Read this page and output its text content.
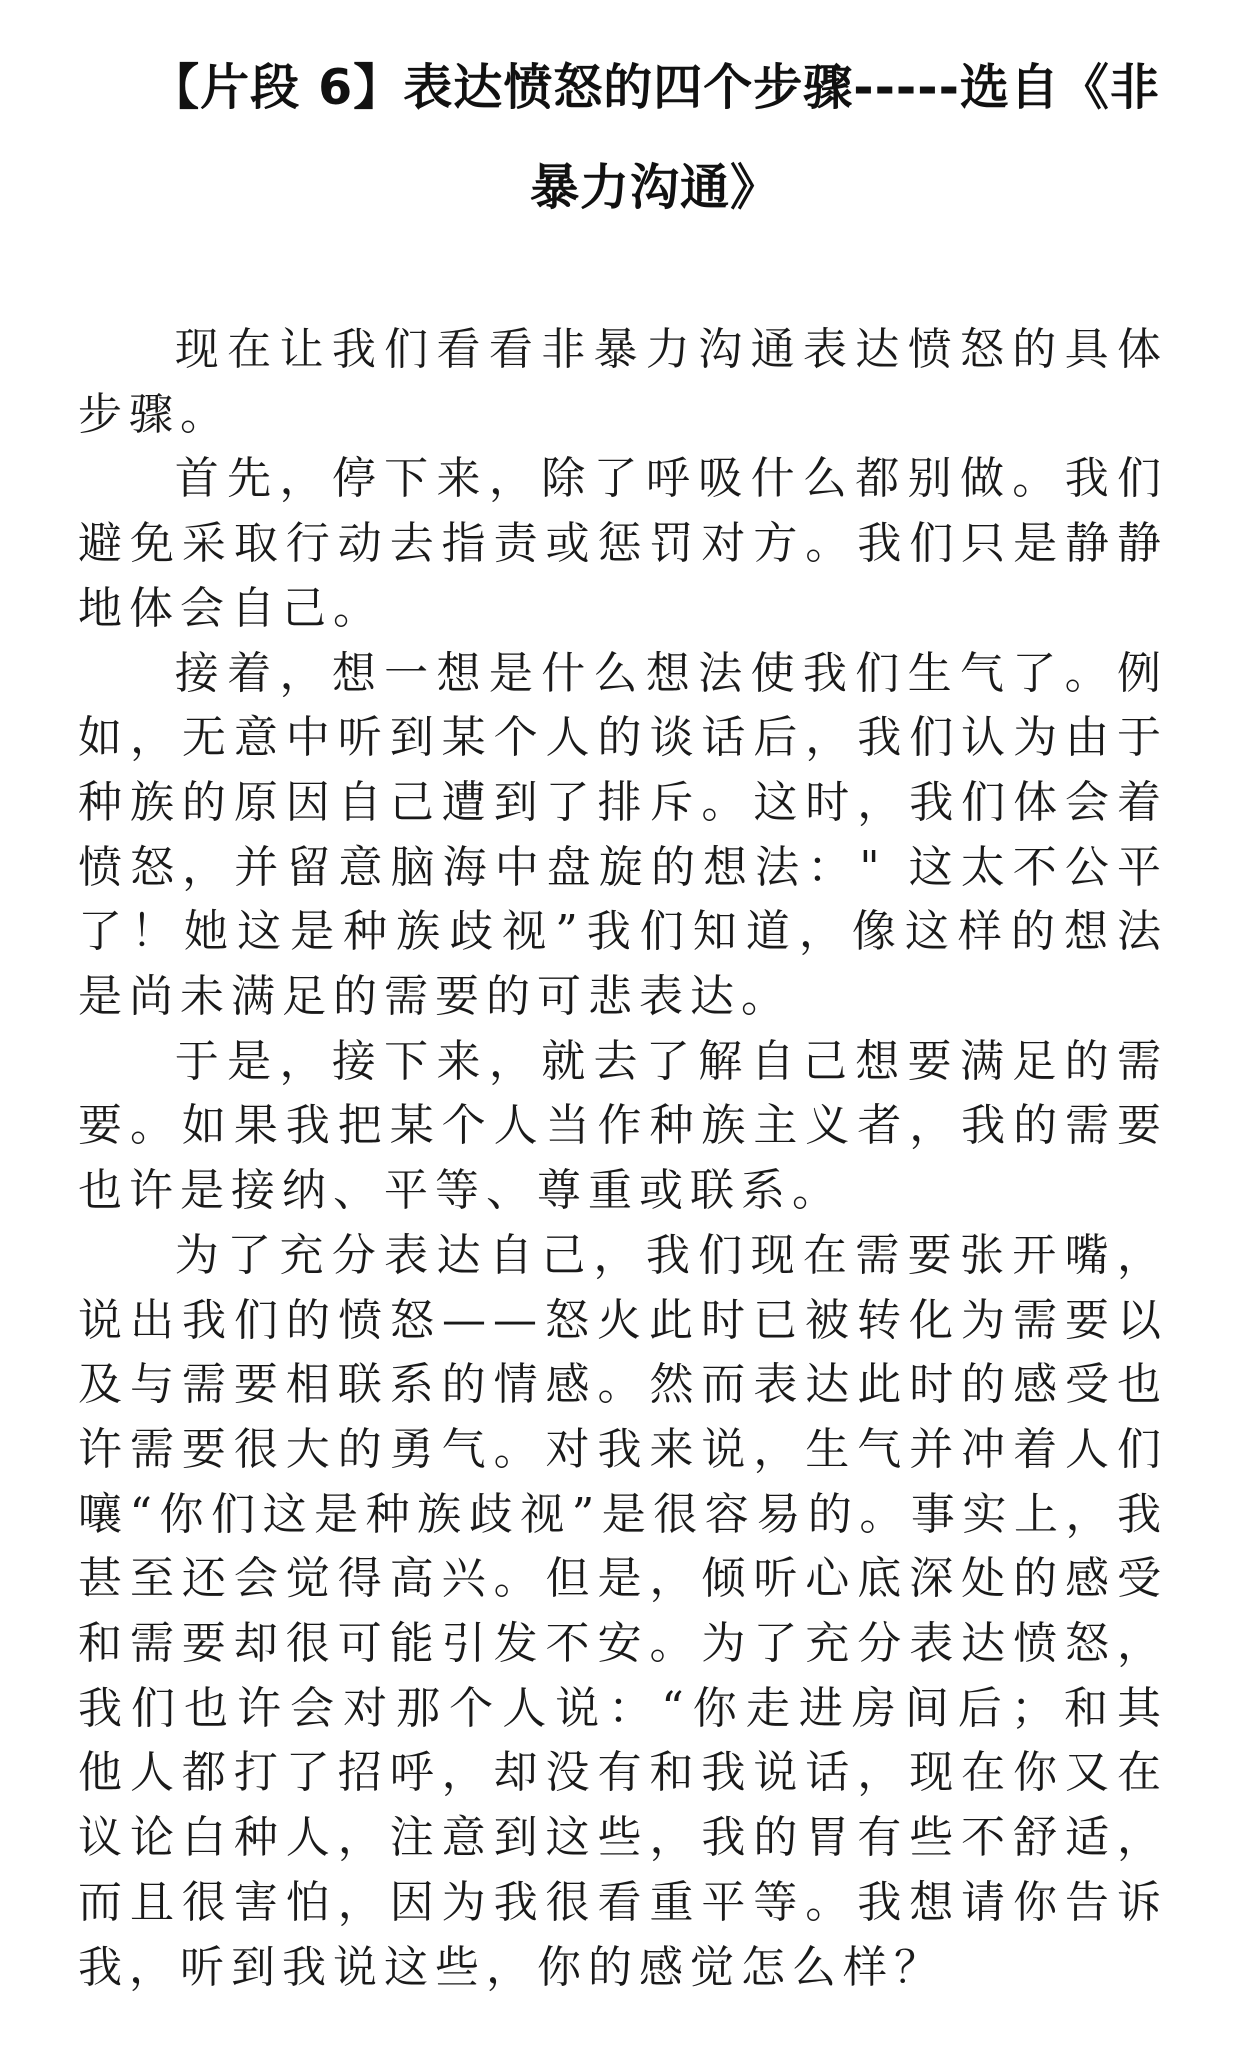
【片段 6】表达愤怒的四个步骤-----选自《非暴力沟通》

现在让我们看看非暴力沟通表达愤怒的具体步骤。

首先，停下来，除了呼吸什么都别做。我们避免采取行动去指责或惩罚对方。我们只是静静地体会自己。

接着，想一想是什么想法使我们生气了。例如，无意中听到某个人的谈话后，我们认为由于种族的原因自己遭到了排斥。这时，我们体会着愤怒，并留意脑海中盘旋的想法：" 这太不公平了！她这是种族歧视”我们知道，像这样的想法是尚未满足的需要的可悲表达。

于是，接下来，就去了解自己想要满足的需要。如果我把某个人当作种族主义者，我的需要也许是接纳、平等、尊重或联系。

为了充分表达自己，我们现在需要张开嘴，说出我们的愤怒——怒火此时已被转化为需要以及与需要相联系的情感。然而表达此时的感受也许需要很大的勇气。对我来说，生气并冲着人们嚷“你们这是种族歧视”是很容易的。事实上，我甚至还会觉得高兴。但是，倾听心底深处的感受和需要却很可能引发不安。为了充分表达愤怒，我们也许会对那个人说：“你走进房间后；和其他人都打了招呼，却没有和我说话，现在你又在议论白种人，注意到这些，我的胃有些不舒适，而且很害怕，因为我很看重平等。我想请你告诉我，听到我说这些，你的感觉怎么样？
